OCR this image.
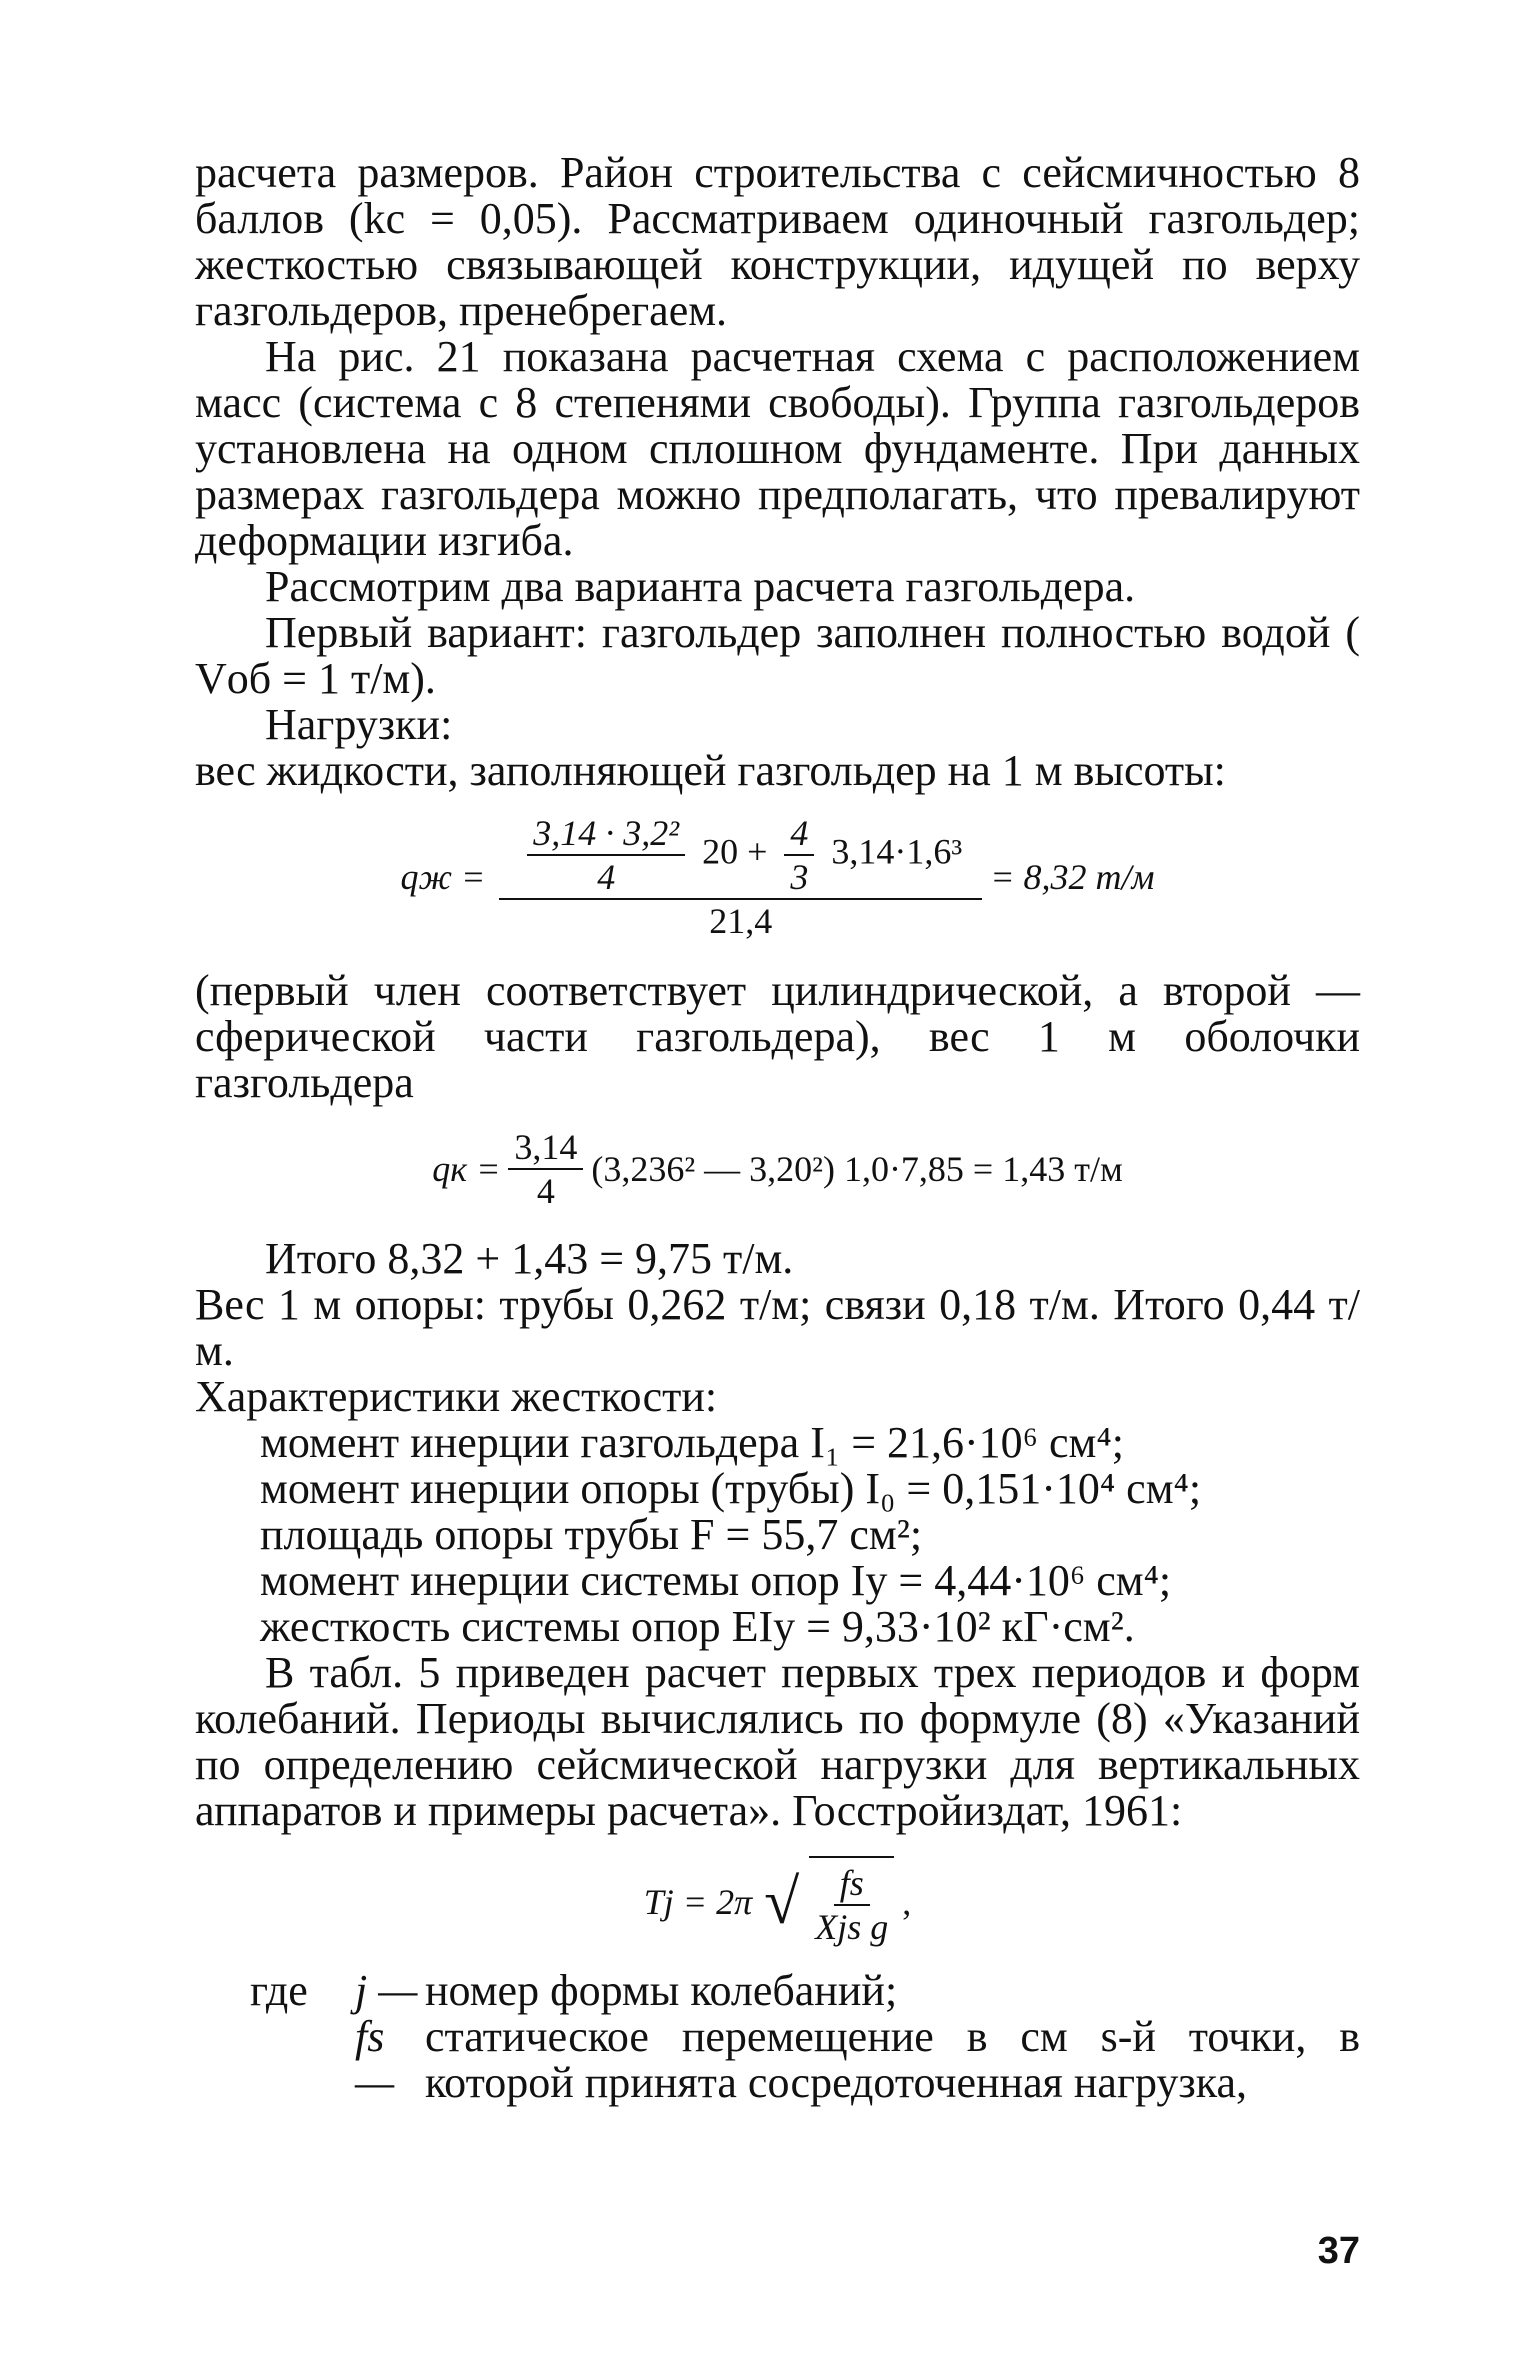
расчета размеров. Район строительства с сейсмичностью 8 баллов (kс = 0,05). Рассматриваем одиночный газгольдер; жесткостью связывающей конструкции, идущей по верху газгольдеров, пренебрегаем.

На рис. 21 показана расчетная схема с расположением масс (система с 8 степенями свободы). Группа газгольдеров установлена на одном сплошном фундаменте. При данных размерах газгольдера можно предполагать, что превалируют деформации изгиба.

Рассмотрим два варианта расчета газгольдера.

Первый вариант: газгольдер заполнен полностью водой ( Vоб = 1 т/м).

Нагрузки:

вес жидкости, заполняющей газгольдер на 1 м высоты:

qж = $\frac{\text{3,14 · 3,2²}}{4} 20 + \frac{4}{3} 3,14\cdot 1,6^3$
21,4
= 8,32 т/м

(первый член соответствует цилиндрической, а второй — сферической части газгольдера), вес 1 м оболочки газгольдера

qк = $\frac{3,14}{4} (3,236^2$ — 3,20²) 1,0·7,85 = 1,43 т/м

Итого 8,32 + 1,43 = 9,75 т/м.

Вес 1 м опоры: трубы 0,262 т/м; связи 0,18 т/м. Итого 0,44 т/м.

Характеристики жесткости:

момент инерции газгольдера I₁ = 21,6·10⁶ см⁴;
момент инерции опоры (трубы) I₀ = 0,151·10⁴ см⁴;
площадь опоры трубы F = 55,7 см²;
момент инерции системы опор Iу = 4,44·10⁶ см⁴;
жесткость системы опор EIу = 9,33·10² кГ·см².

В табл. 5 приведен расчет первых трех периодов и форм колебаний. Периоды вычислялись по формуле (8) «Указаний по определению сейсмической нагрузки для вертикальных аппаратов и примеры расчета». Госстройиздат, 1961:

Tj = 2π √ $\frac{fs}{\text{Xjs g}}$ ,
где	j — номер формы колебаний;
fs —
статическое перемещение в см s-й точки, в которой принята сосредоточенная нагрузка,
37
